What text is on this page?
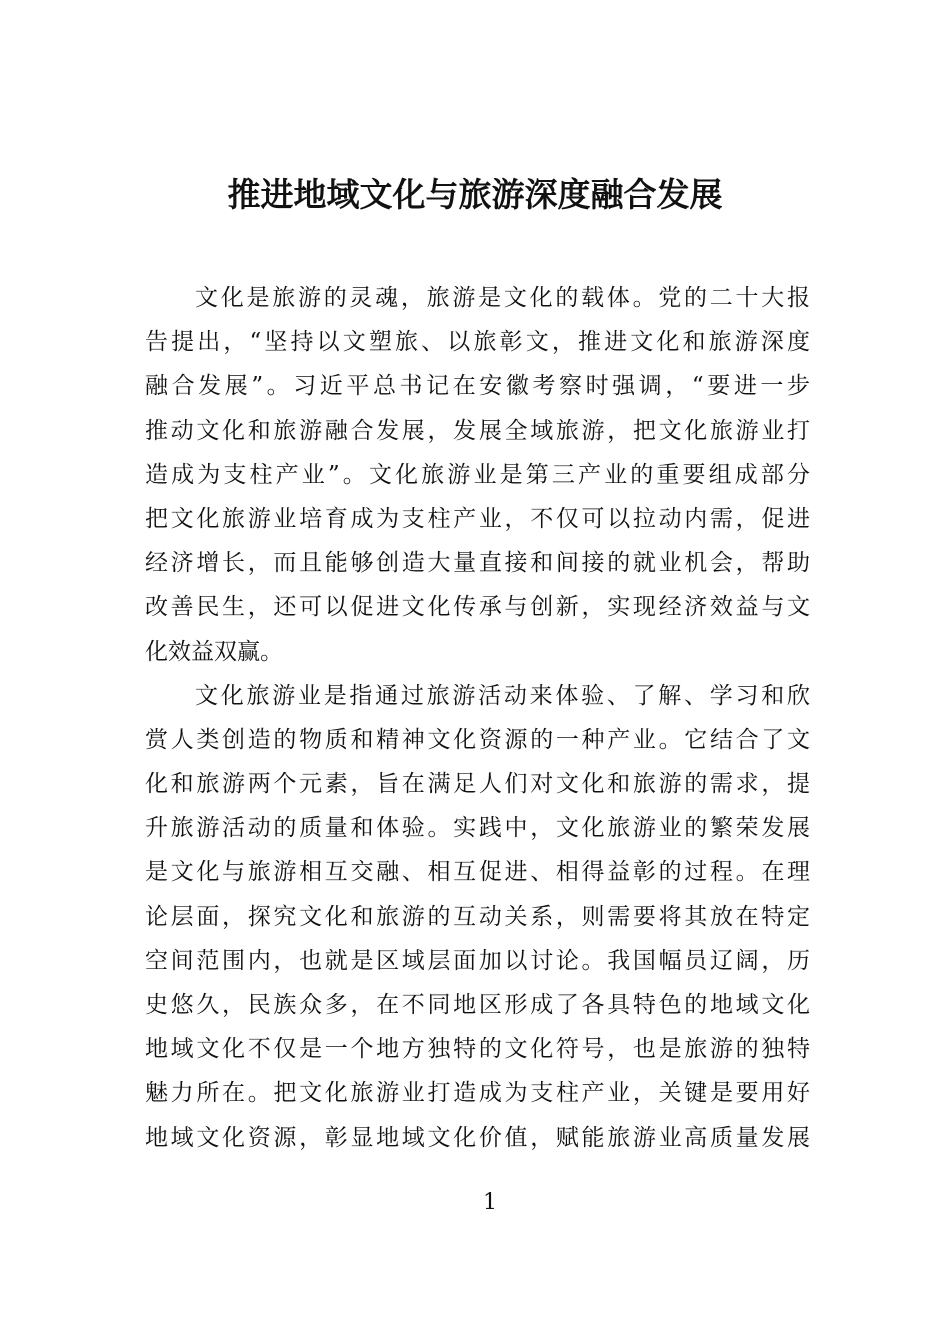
推进地域文化与旅游深度融合发展
文化是旅游的灵魂，旅游是文化的载体。党的二十大报
告提出，“坚持以文塑旅、以旅彰文，推进文化和旅游深度
融合发展”。习近平总书记在安徽考察时强调，“要进一步
推动文化和旅游融合发展，发展全域旅游，把文化旅游业打
造成为支柱产业”。文化旅游业是第三产业的重要组成部分
把文化旅游业培育成为支柱产业，不仅可以拉动内需，促进
经济增长，而且能够创造大量直接和间接的就业机会，帮助
改善民生，还可以促进文化传承与创新，实现经济效益与文
化效益双赢。
文化旅游业是指通过旅游活动来体验、了解、学习和欣
赏人类创造的物质和精神文化资源的一种产业。它结合了文
化和旅游两个元素，旨在满足人们对文化和旅游的需求，提
升旅游活动的质量和体验。实践中，文化旅游业的繁荣发展
是文化与旅游相互交融、相互促进、相得益彰的过程。在理
论层面，探究文化和旅游的互动关系，则需要将其放在特定
空间范围内，也就是区域层面加以讨论。我国幅员辽阔，历
史悠久，民族众多，在不同地区形成了各具特色的地域文化
地域文化不仅是一个地方独特的文化符号，也是旅游的独特
魅力所在。把文化旅游业打造成为支柱产业，关键是要用好
地域文化资源，彰显地域文化价值，赋能旅游业高质量发展
1
